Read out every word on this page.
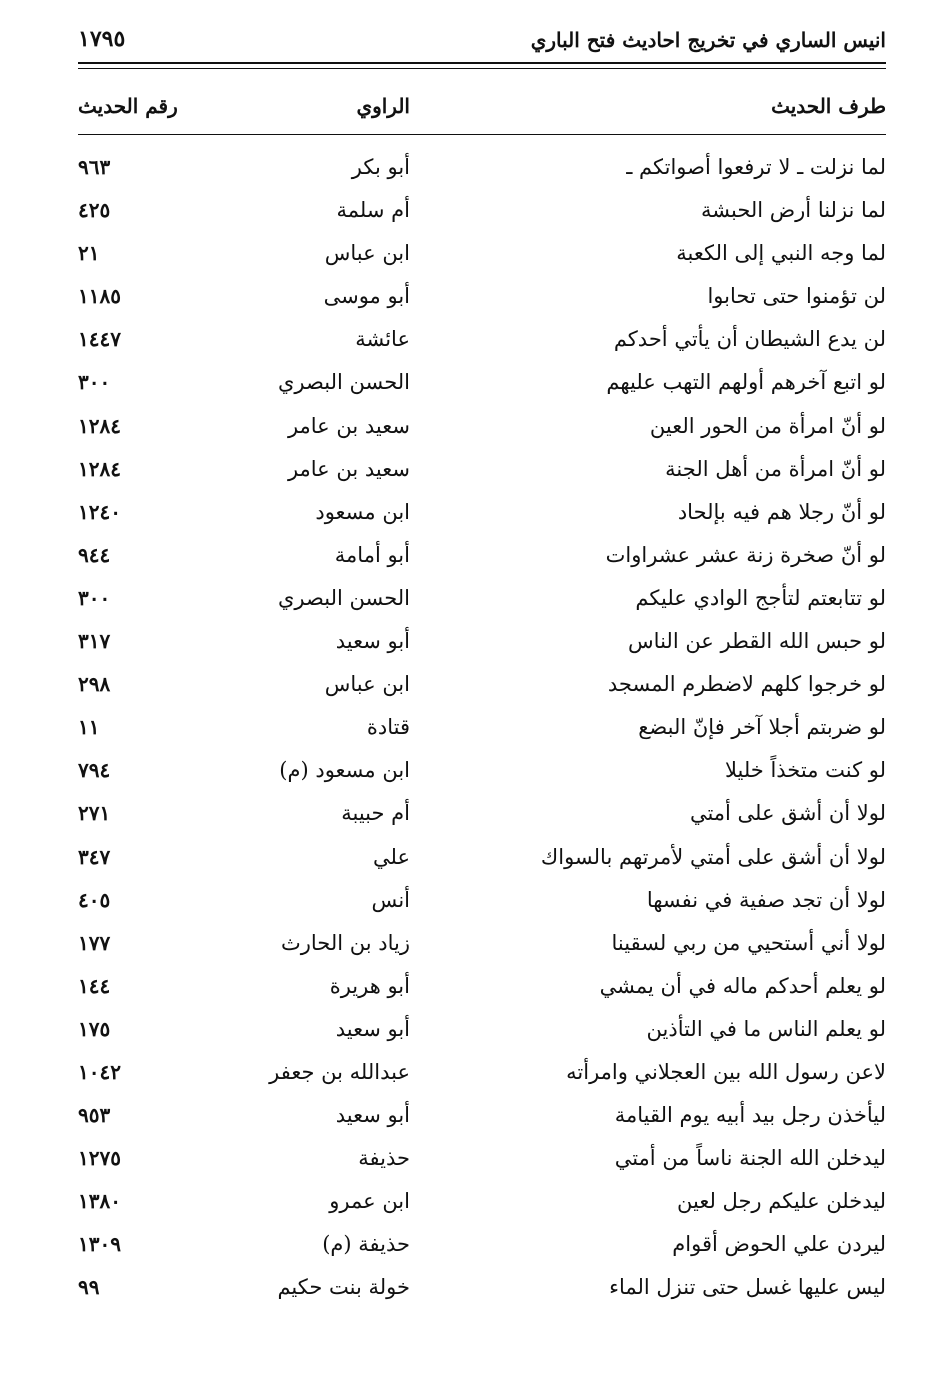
انيس الساري في تخريج احاديث فتح الباري
١٧٩٥
طرف الحديث
الراوي
رقم الحديث
لما نزلت ـ لا ترفعوا أصواتكم ـ
أبو بكر
٩٦٣
لما نزلنا أرض الحبشة
أم سلمة
٤٢٥
لما وجه النبي إلى الكعبة
ابن عباس
٢١
لن تؤمنوا حتى تحابوا
أبو موسى
١١٨٥
لن يدع الشيطان أن يأتي أحدكم
عائشة
١٤٤٧
لو اتبع آخرهم أولهم التهب عليهم
الحسن البصري
٣٠٠
لو أنّ امرأة من الحور العين
سعيد بن عامر
١٢٨٤
لو أنّ امرأة من أهل الجنة
سعيد بن عامر
١٢٨٤
لو أنّ رجلا هم فيه بإلحاد
ابن مسعود
١٢٤٠
لو أنّ صخرة زنة عشر عشراوات
أبو أمامة
٩٤٤
لو تتابعتم لتأجج الوادي عليكم
الحسن البصري
٣٠٠
لو حبس الله القطر عن الناس
أبو سعيد
٣١٧
لو خرجوا كلهم لاضطرم المسجد
ابن عباس
٢٩٨
لو ضربتم أجلا آخر فإنّ البضع
قتادة
١١
لو كنت متخذاً خليلا
ابن مسعود (م)
٧٩٤
لولا أن أشق على أمتي
أم حبيبة
٢٧١
لولا أن أشق على أمتي لأمرتهم بالسواك
علي
٣٤٧
لولا أن تجد صفية في نفسها
أنس
٤٠٥
لولا أني أستحيي من ربي لسقينا
زياد بن الحارث
١٧٧
لو يعلم أحدكم ماله في أن يمشي
أبو هريرة
١٤٤
لو يعلم الناس ما في التأذين
أبو سعيد
١٧٥
لاعن رسول الله بين العجلاني وامرأته
عبدالله بن جعفر
١٠٤٢
ليأخذن رجل بيد أبيه يوم القيامة
أبو سعيد
٩٥٣
ليدخلن الله الجنة ناساً من أمتي
حذيفة
١٢٧٥
ليدخلن عليكم رجل لعين
ابن عمرو
١٣٨٠
ليردن علي الحوض أقوام
حذيفة (م)
١٣٠٩
ليس عليها غسل حتى تنزل الماء
خولة بنت حكيم
٩٩
